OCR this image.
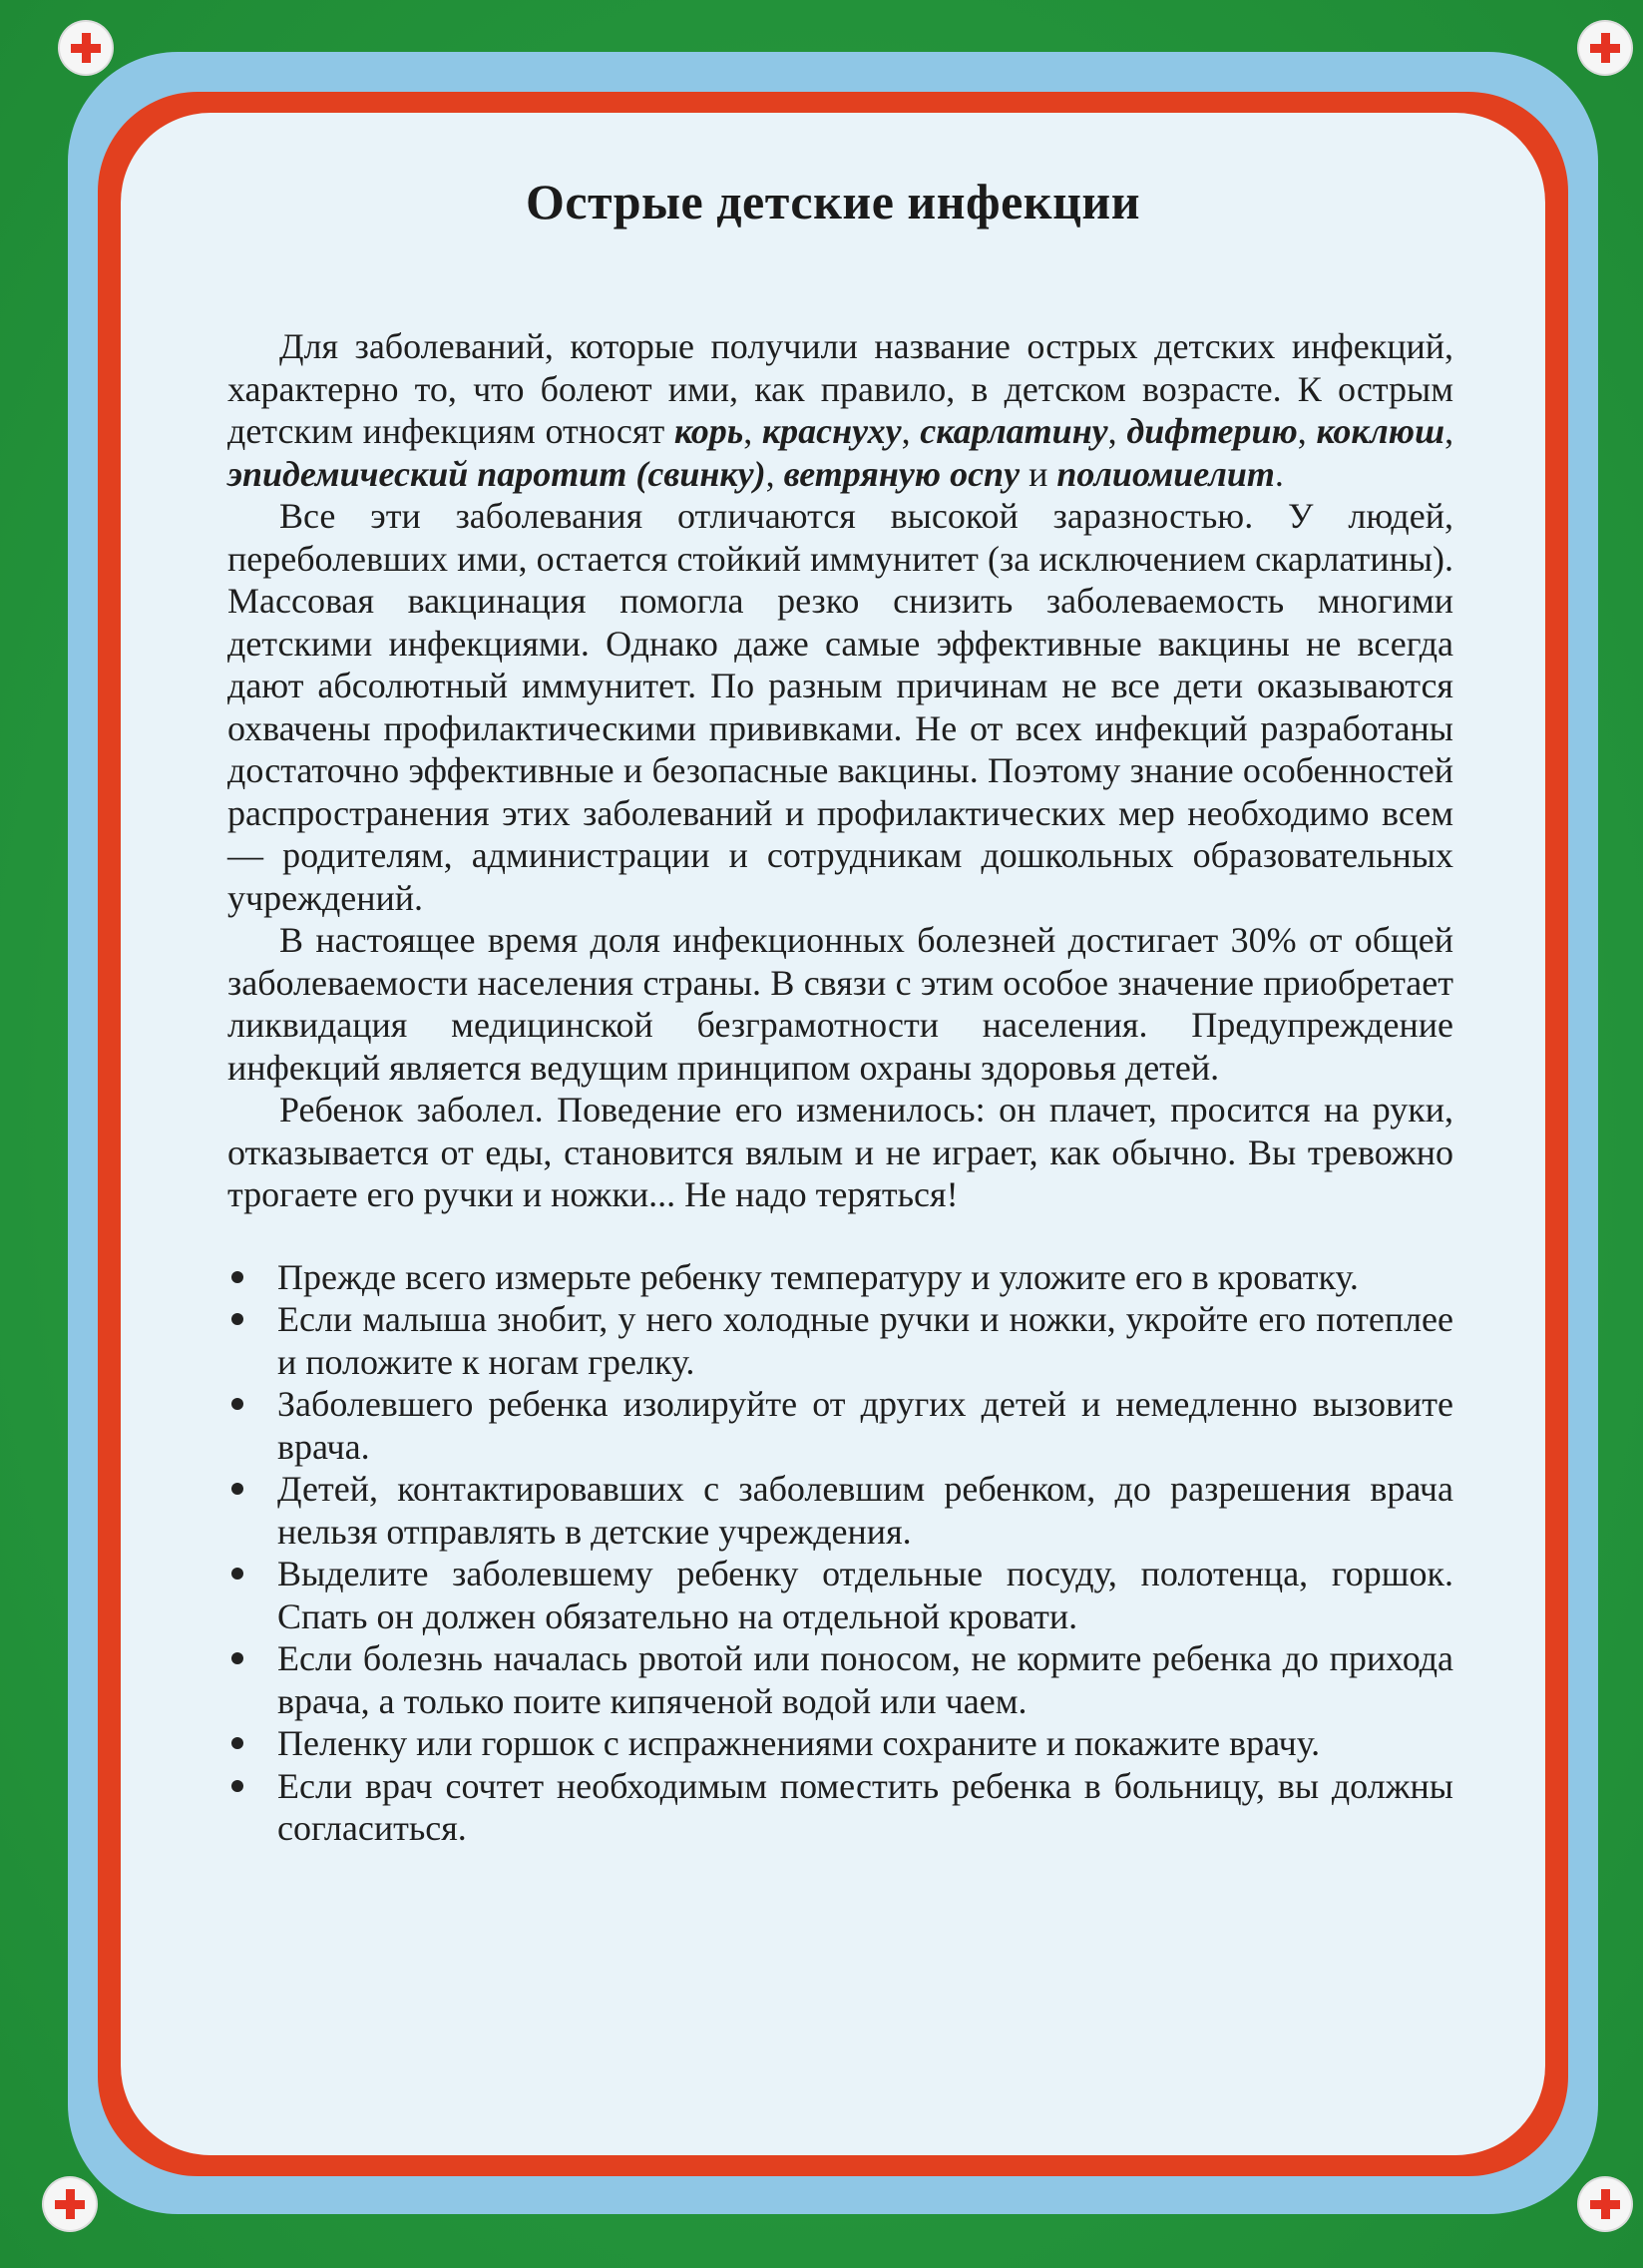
Острые детские инфекции

Для заболеваний, которые получили название острых детских инфекций, характерно то, что болеют ими, как правило, в детском возрасте. К острым детским инфекциям относят корь, краснуху, скарлатину, дифтерию, коклюш, эпидемический паротит (свинку), ветряную оспу и полиомиелит.

Все эти заболевания отличаются высокой заразностью. У людей, переболевших ими, остается стойкий иммунитет (за исключением скарлатины). Массовая вакцинация помогла резко снизить заболеваемость многими детскими инфекциями. Однако даже самые эффективные вакцины не всегда дают абсолютный иммунитет. По разным причинам не все дети оказываются охвачены профилактическими прививками. Не от всех инфекций разработаны достаточно эффективные и безопасные вакцины. Поэтому знание особенностей распространения этих заболеваний и профилактических мер необходимо всем — родителям, администрации и сотрудникам дошкольных образовательных учреждений.

В настоящее время доля инфекционных болезней достигает 30% от общей заболеваемости населения страны. В связи с этим особое значение приобретает ликвидация медицинской безграмотности населения. Предупреждение инфекций является ведущим принципом охраны здоровья детей.

Ребенок заболел. Поведение его изменилось: он плачет, просится на руки, отказывается от еды, становится вялым и не играет, как обычно. Вы тревожно трогаете его ручки и ножки... Не надо теряться!

Прежде всего измерьте ребенку температуру и уложите его в кроватку.
Если малыша знобит, у него холодные ручки и ножки, укройте его потеплее и положите к ногам грелку.
Заболевшего ребенка изолируйте от других детей и немедленно вызовите врача.
Детей, контактировавших с заболевшим ребенком, до разрешения врача нельзя отправлять в детские учреждения.
Выделите заболевшему ребенку отдельные посуду, полотенца, горшок. Спать он должен обязательно на отдельной кровати.
Если болезнь началась рвотой или поносом, не кормите ребенка до прихода врача, а только поите кипяченой водой или чаем.
Пеленку или горшок с испражнениями сохраните и покажите врачу.
Если врач сочтет необходимым поместить ребенка в больницу, вы должны согласиться.
